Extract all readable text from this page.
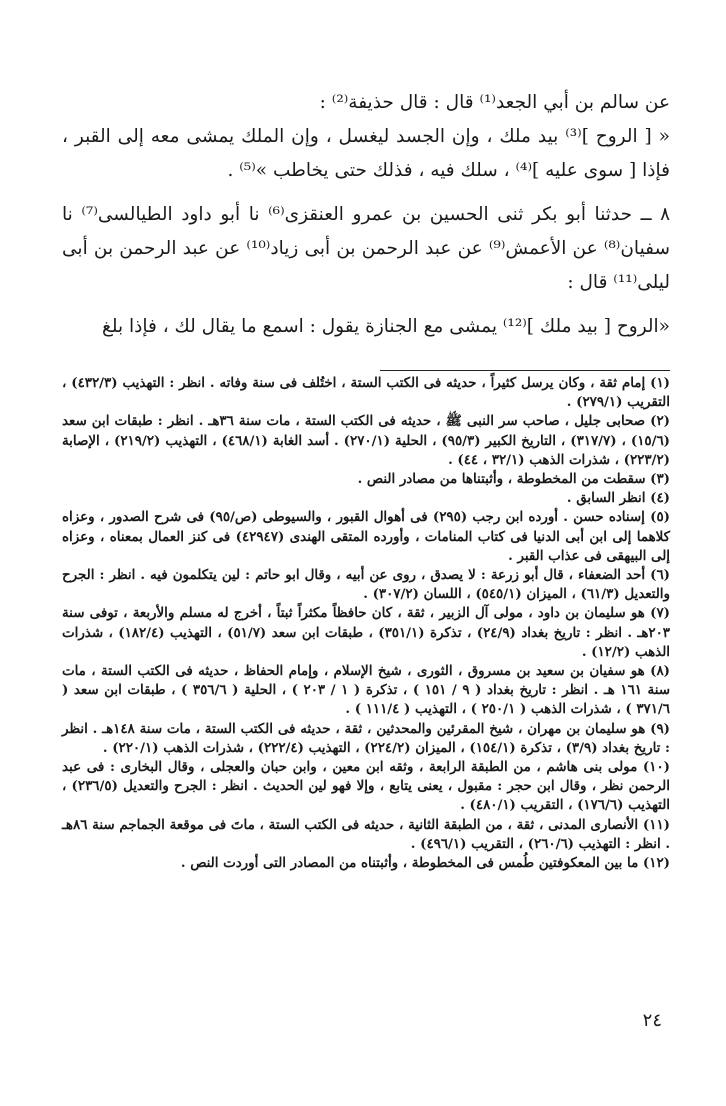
عن سالم بن أبي الجعد⁽¹⁾ قال : قال حذيفة⁽²⁾ :

« [ الروح ]⁽³⁾ بيد ملك ، وإن الجسد ليغسل ، وإن الملك يمشى معه إلى القبر ، فإذا [ سوى عليه ]⁽⁴⁾ ، سلك فيه ، فذلك حتى يخاطب »⁽⁵⁾ .

٨ ــ حدثنا أبو بكر ثنى الحسين بن عمرو العنقزى⁽⁶⁾ نا أبو داود الطيالسى⁽⁷⁾ نا سفيان⁽⁸⁾ عن الأعمش⁽⁹⁾ عن عبد الرحمن بن أبى زياد⁽¹⁰⁾ عن عبد الرحمن بن أبى ليلى⁽¹¹⁾ قال :

«الروح [ بيد ملك ]⁽¹²⁾ يمشى مع الجنازة يقول : اسمع ما يقال لك ، فإذا بلغ

(١) إمام ثقة ، وكان يرسل كثيراً ، حديثه فى الكتب الستة ، اختُلف فى سنة وفاته . انظر : التهذيب (٤٣٢/٣) ، التقريب (٢٧٩/١) .

(٢) صحابى جليل ، صاحب سر النبى ﷺ ، حديثه فى الكتب الستة ، مات سنة ٣٦هـ . انظر : طبقات ابن سعد (١٥/٦) ، (٣١٧/٧) ، التاريخ الكبير (٩٥/٣) ، الحلية (٢٧٠/١) . أسد الغابة (٤٦٨/١) ، التهذيب (٢١٩/٢) ، الإصابة (٢٢٣/٢) ، شذرات الذهب (٣٢/١ ، ٤٤) .

(٣) سقطت من المخطوطة ، وأثبتناها من مصادر النص .

(٤) انظر السابق .

(٥) إسناده حسن . أورده ابن رجب (٢٩٥) فى أهوال القبور ، والسيوطى (ص/٩٥) فى شرح الصدور ، وعزاه كلاهما إلى ابن أبى الدنيا فى كتاب المنامات ، وأورده المتقى الهندى (٤٢٩٤٧) فى كنز العمال بمعناه ، وعزاه إلى البيهقى فى عذاب القبر .

(٦) أحد الضعفاء ، قال أبو زرعة : لا يصدق ، روى عن أبيه ، وقال ابو حاتم : لين يتكلمون فيه . انظر : الجرح والتعديل (٦١/٣) ، الميزان (٥٤٥/١) ، اللسان (٣٠٧/٢) .

(٧) هو سليمان بن داود ، مولى آل الزبير ، ثقة ، كان حافظاً مكثراً ثبتاً ، أخرج له مسلم والأربعة ، توفى سنة ٢٠٣هـ . انظر : تاريخ بغداد (٢٤/٩) ، تذكرة (٣٥١/١) ، طبقات ابن سعد (٥١/٧) ، التهذيب (١٨٢/٤) ، شذرات الذهب (١٢/٢) .

(٨) هو سفيان بن سعيد بن مسروق ، الثورى ، شيخ الإسلام ، وإمام الحفاظ ، حديثه فى الكتب الستة ، مات سنة ١٦١ هـ . انظر : تاريخ بغداد ( ٩ / ١٥١ ) ، تذكرة ( ١ / ٢٠٣ ) ، الحلية ( ٣٥٦/٦ ) ، طبقات ابن سعد ( ٣٧١/٦ ) ، شذرات الذهب ( ٢٥٠/١ ) ، التهذيب ( ١١١/٤ ) .

(٩) هو سليمان بن مهران ، شيخ المقرئين والمحدثين ، ثقة ، حديثه فى الكتب الستة ، مات سنة ١٤٨هـ . انظر : تاريخ بغداد (٣/٩) ، تذكرة (١٥٤/١) ، الميزان (٢٢٤/٢) ، التهذيب (٢٢٢/٤) ، شذرات الذهب (٢٢٠/١) .

(١٠) مولى بنى هاشم ، من الطبقة الرابعة ، وثقه ابن معين ، وابن حبان والعجلى ، وقال البخارى : فى عبد الرحمن نظر ، وقال ابن حجر : مقبول ، يعنى يتابع ، وإلا فهو لين الحديث . انظر : الجرح والتعديل (٢٣٦/٥) ، التهذيب (١٧٦/٦) ، التقريب (٤٨٠/١) .

(١١) الأنصارى المدنى ، ثقة ، من الطبقة الثانية ، حديثه فى الكتب الستة ، ماتَ فى موقعة الجماجم سنة ٨٦هـ . انظر : التهذيب (٢٦٠/٦) ، التقريب (٤٩٦/١) .

(١٢) ما بين المعكوفتين طُمس فى المخطوطة ، وأثبتناه من المصادر التى أوردت النص .

٢٤
